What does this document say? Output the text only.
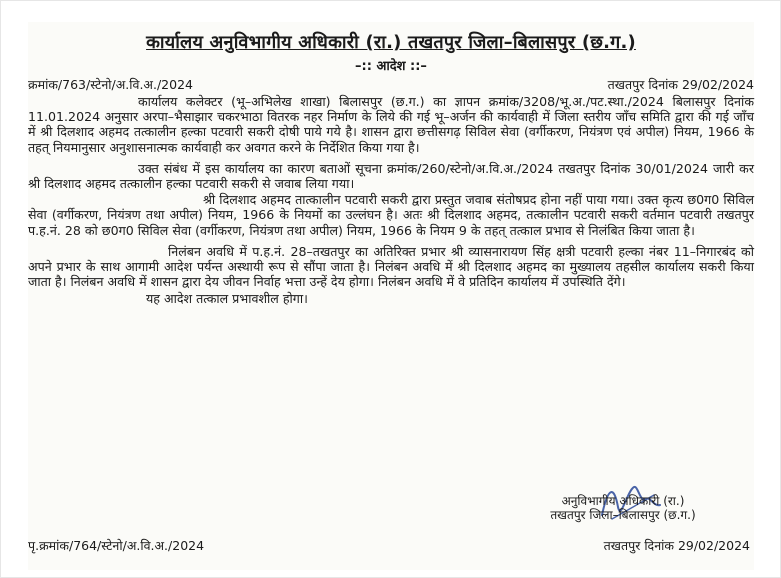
कार्यालय अनुविभागीय अधिकारी (रा.) तखतपुर जिला–बिलासपुर (छ.ग.)
–:: आदेश ::–
क्रमांक/763/स्टेनो/अ.वि.अ./2024	तखतपुर दिनांक 29/02/2024

कार्यालय कलेक्टर (भू–अभिलेख शाखा) बिलासपुर (छ.ग.) का ज्ञापन क्रमांक/3208/भू.अ./पट.स्था./2024 बिलासपुर दिनांक 11.01.2024 अनुसार अरपा–भैसाझार चकरभाठा वितरक नहर निर्माण के लिये की गई भू–अर्जन की कार्यवाही में जिला स्तरीय जाँच समिति द्वारा की गई जाँच में श्री दिलशाद अहमद तत्कालीन हल्का पटवारी सकरी दोषी पाये गये है। शासन द्वारा छत्तीसगढ़ सिविल सेवा (वर्गीकरण, नियंत्रण एवं अपील) नियम, 1966 के तहत् नियमानुसार अनुशासनात्मक कार्यवाही कर अवगत करने के निर्देशित किया गया है।

उक्त संबंध में इस कार्यालय का कारण बताओं सूचना क्रमांक/260/स्टेनो/अ.वि.अ./2024 तखतपुर दिनांक 30/01/2024 जारी कर श्री दिलशाद अहमद तत्कालीन हल्का पटवारी सकरी से जवाब लिया गया।

श्री दिलशाद अहमद तात्कालीन पटवारी सकरी द्वारा प्रस्तुत जवाब संतोषप्रद होना नहीं पाया गया। उक्त कृत्य छ0ग0 सिविल सेवा (वर्गीकरण, नियंत्रण तथा अपील) नियम, 1966 के नियमों का उल्लंघन है। अतः श्री दिलशाद अहमद, तत्कालीन पटवारी सकरी वर्तमान पटवारी तखतपुर प.ह.नं. 28 को छ0ग0 सिविल सेवा (वर्गीकरण, नियंत्रण तथा अपील) नियम, 1966 के नियम 9 के तहत् तत्काल प्रभाव से निलंबित किया जाता है।

निलंबन अवधि में प.ह.नं. 28–तखतपुर का अतिरिक्त प्रभार श्री व्यासनारायण सिंह क्षत्री पटवारी हल्का नंबर 11–निगारबंद को अपने प्रभार के साथ आगामी आदेश पर्यन्त अस्थायी रूप से सौंपा जाता है। निलंबन अवधि में श्री दिलशाद अहमद का मुख्यालय तहसील कार्यालय सकरी किया जाता है। निलंबन अवधि में शासन द्वारा देय जीवन निर्वाह भत्ता उन्हें देय होगा। निलंबन अवधि में वे प्रतिदिन कार्यालय में उपस्थिति देंगे।

यह आदेश तत्काल प्रभावशील होगा।
अनुविभागीय अधिकारी (रा.)
तखतपुर जिला–बिलासपुर (छ.ग.)
पृ.क्रमांक/764/स्टेनो/अ.वि.अ./2024	तखतपुर दिनांक 29/02/2024
